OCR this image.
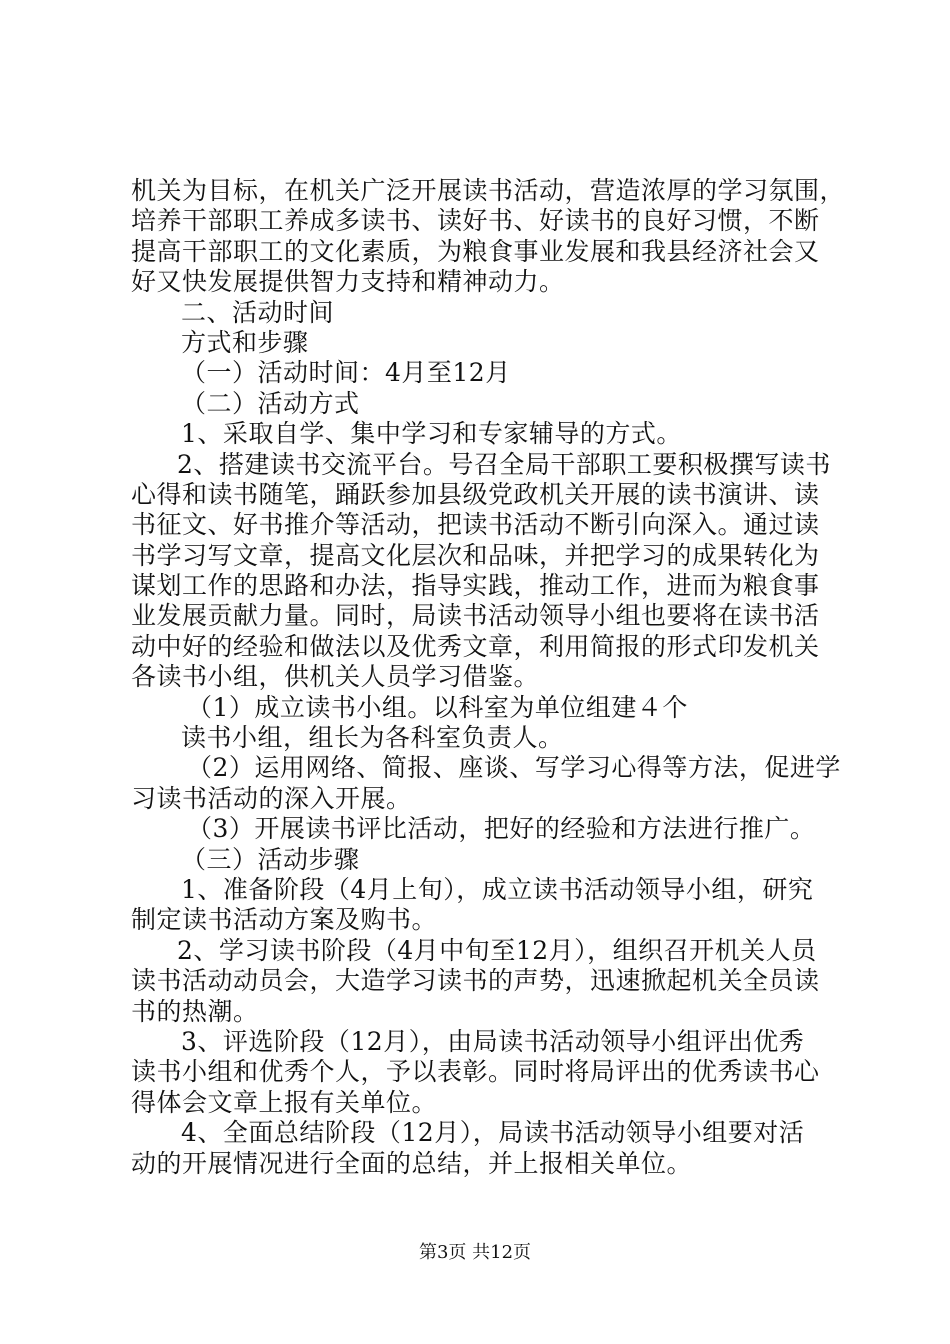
机关为目标，在机关广泛开展读书活动，营造浓厚的学习氛围，
培养干部职工养成多读书、读好书、好读书的良好习惯，不断
提高干部职工的文化素质，为粮食事业发展和我县经济社会又
好又快发展提供智力支持和精神动力。
二、活动时间
方式和步骤
（一）活动时间：4月至12月
（二）活动方式
1、采取自学、集中学习和专家辅导的方式。
2、搭建读书交流平台。号召全局干部职工要积极撰写读书
心得和读书随笔，踊跃参加县级党政机关开展的读书演讲、读
书征文、好书推介等活动，把读书活动不断引向深入。通过读
书学习写文章，提高文化层次和品味，并把学习的成果转化为
谋划工作的思路和办法，指导实践，推动工作，进而为粮食事
业发展贡献力量。同时，局读书活动领导小组也要将在读书活
动中好的经验和做法以及优秀文章，利用简报的形式印发机关
各读书小组，供机关人员学习借鉴。
（1）成立读书小组。以科室为单位组建４个
读书小组，组长为各科室负责人。
（2）运用网络、简报、座谈、写学习心得等方法，促进学
习读书活动的深入开展。
（3）开展读书评比活动，把好的经验和方法进行推广。
（三）活动步骤
1、准备阶段（4月上旬），成立读书活动领导小组，研究
制定读书活动方案及购书。
2、学习读书阶段（4月中旬至12月），组织召开机关人员
读书活动动员会，大造学习读书的声势，迅速掀起机关全员读
书的热潮。
3、评选阶段（12月），由局读书活动领导小组评出优秀
读书小组和优秀个人，予以表彰。同时将局评出的优秀读书心
得体会文章上报有关单位。
4、全面总结阶段（12月），局读书活动领导小组要对活
动的开展情况进行全面的总结，并上报相关单位。
第3页 共12页
